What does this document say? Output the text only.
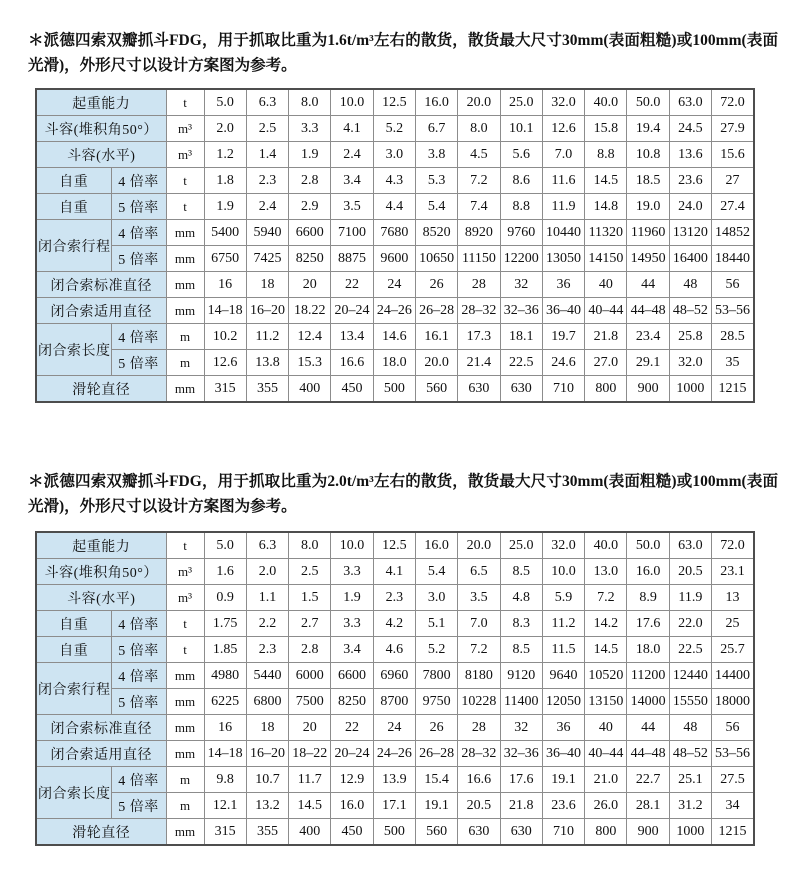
＊派德四索双瓣抓斗FDG，用于抓取比重为1.6t/m³左右的散货，散货最大尺寸30mm(表面粗糙)或100mm(表面光滑)，外形尺寸以设计方案图为参考。

起重能力		t	5.0	6.3	8.0	10.0	12.5	16.0	20.0	25.0	32.0	40.0	50.0	63.0	72.0
斗容(堆积角50°）		m³	2.0	2.5	3.3	4.1	5.2	6.7	8.0	10.1	12.6	15.8	19.4	24.5	27.9
斗容(水平)		m³	1.2	1.4	1.9	2.4	3.0	3.8	4.5	5.6	7.0	8.8	10.8	13.6	15.6
自重	4 倍率	t	1.8	2.3	2.8	3.4	4.3	5.3	7.2	8.6	11.6	14.5	18.5	23.6	27
自重	5 倍率	t	1.9	2.4	2.9	3.5	4.4	5.4	7.4	8.8	11.9	14.8	19.0	24.0	27.4
闭合索行程	4 倍率	mm	5400	5940	6600	7100	7680	8520	8920	9760	10440	11320	11960	13120	14852
	5 倍率	mm	6750	7425	8250	8875	9600	10650	11150	12200	13050	14150	14950	16400	18440
闭合索标准直径		mm	16	18	20	22	24	26	28	32	36	40	44	48	56
闭合索适用直径		mm	14–18	16–20	18.22	20–24	24–26	26–28	28–32	32–36	36–40	40–44	44–48	48–52	53–56
闭合索长度	4 倍率	m	10.2	11.2	12.4	13.4	14.6	16.1	17.3	18.1	19.7	21.8	23.4	25.8	28.5
	5 倍率	m	12.6	13.8	15.3	16.6	18.0	20.0	21.4	22.5	24.6	27.0	29.1	32.0	35
滑轮直径		mm	315	355	400	450	500	560	630	630	710	800	900	1000	1215

＊派德四索双瓣抓斗FDG，用于抓取比重为2.0t/m³左右的散货，散货最大尺寸30mm(表面粗糙)或100mm(表面光滑)，外形尺寸以设计方案图为参考。

起重能力		t	5.0	6.3	8.0	10.0	12.5	16.0	20.0	25.0	32.0	40.0	50.0	63.0	72.0
斗容(堆积角50°）		m³	1.6	2.0	2.5	3.3	4.1	5.4	6.5	8.5	10.0	13.0	16.0	20.5	23.1
斗容(水平)		m³	0.9	1.1	1.5	1.9	2.3	3.0	3.5	4.8	5.9	7.2	8.9	11.9	13
自重	4 倍率	t	1.75	2.2	2.7	3.3	4.2	5.1	7.0	8.3	11.2	14.2	17.6	22.0	25
自重	5 倍率	t	1.85	2.3	2.8	3.4	4.6	5.2	7.2	8.5	11.5	14.5	18.0	22.5	25.7
闭合索行程	4 倍率	mm	4980	5440	6000	6600	6960	7800	8180	9120	9640	10520	11200	12440	14400
	5 倍率	mm	6225	6800	7500	8250	8700	9750	10228	11400	12050	13150	14000	15550	18000
闭合索标准直径		mm	16	18	20	22	24	26	28	32	36	40	44	48	56
闭合索适用直径		mm	14–18	16–20	18–22	20–24	24–26	26–28	28–32	32–36	36–40	40–44	44–48	48–52	53–56
闭合索长度	4 倍率	m	9.8	10.7	11.7	12.9	13.9	15.4	16.6	17.6	19.1	21.0	22.7	25.1	27.5
	5 倍率	m	12.1	13.2	14.5	16.0	17.1	19.1	20.5	21.8	23.6	26.0	28.1	31.2	34
滑轮直径		mm	315	355	400	450	500	560	630	630	710	800	900	1000	1215
